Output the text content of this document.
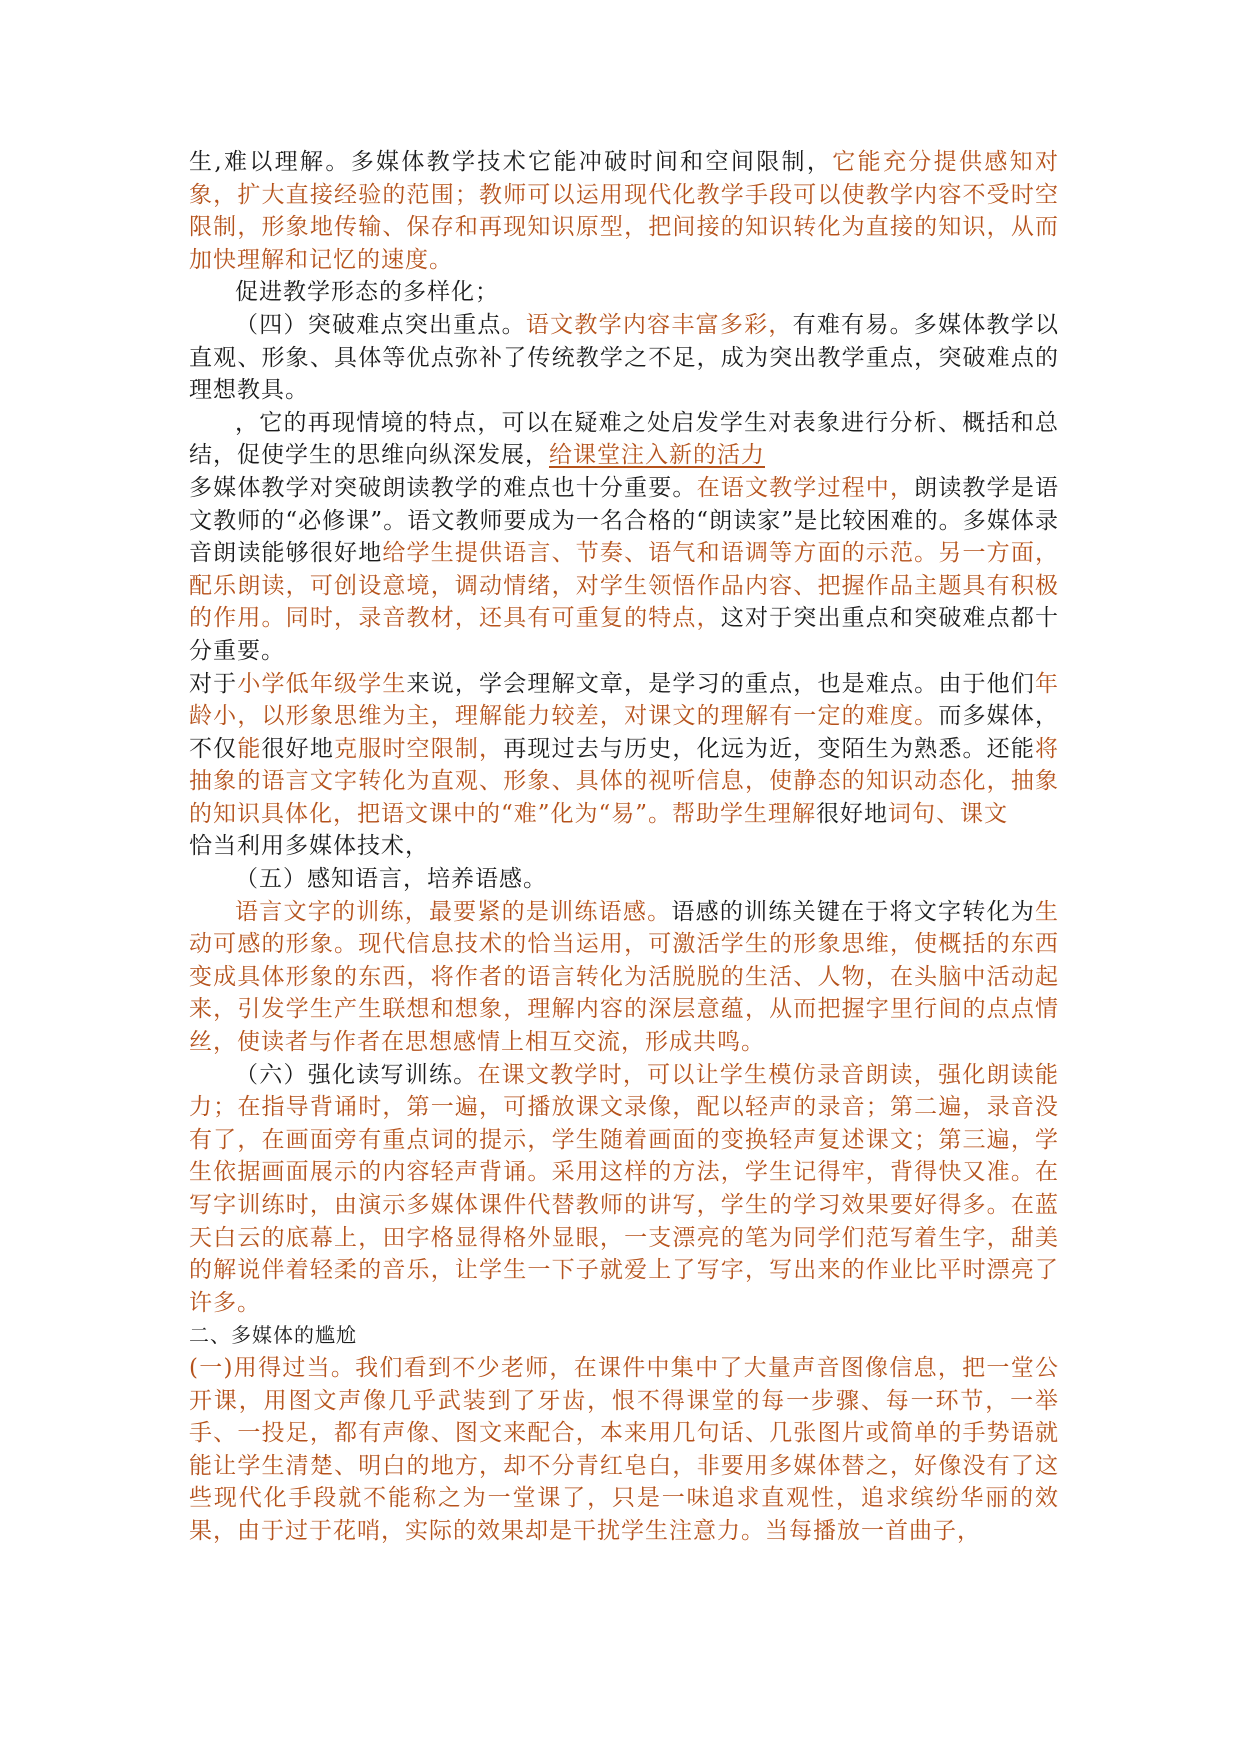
生,难以理解。多媒体教学技术它能冲破时间和空间限制，它能充分提供感知对象，扩大直接经验的范围；教师可以运用现代化教学手段可以使教学内容不受时空限制，形象地传输、保存和再现知识原型，把间接的知识转化为直接的知识，从而加快理解和记忆的速度。

促进教学形态的多样化；

（四）突破难点突出重点。语文教学内容丰富多彩，有难有易。多媒体教学以直观、形象、具体等优点弥补了传统教学之不足，成为突出教学重点，突破难点的理想教具。

，它的再现情境的特点，可以在疑难之处启发学生对表象进行分析、概括和总结，促使学生的思维向纵深发展，给课堂注入新的活力

多媒体教学对突破朗读教学的难点也十分重要。在语文教学过程中，朗读教学是语文教师的“必修课”。语文教师要成为一名合格的“朗读家”是比较困难的。多媒体录音朗读能够很好地给学生提供语言、节奏、语气和语调等方面的示范。另一方面，配乐朗读，可创设意境，调动情绪，对学生领悟作品内容、把握作品主题具有积极的作用。同时，录音教材，还具有可重复的特点，这对于突出重点和突破难点都十分重要。

对于小学低年级学生来说，学会理解文章，是学习的重点，也是难点。由于他们年龄小，以形象思维为主，理解能力较差，对课文的理解有一定的难度。而多媒体，不仅能很好地克服时空限制，再现过去与历史，化远为近，变陌生为熟悉。还能将抽象的语言文字转化为直观、形象、具体的视听信息，使静态的知识动态化，抽象的知识具体化，把语文课中的“难”化为“易”。帮助学生理解很好地词句、课文

恰当利用多媒体技术，

（五）感知语言，培养语感。

语言文字的训练，最要紧的是训练语感。语感的训练关键在于将文字转化为生动可感的形象。现代信息技术的恰当运用，可激活学生的形象思维，使概括的东西变成具体形象的东西，将作者的语言转化为活脱脱的生活、人物，在头脑中活动起来，引发学生产生联想和想象，理解内容的深层意蕴，从而把握字里行间的点点情丝，使读者与作者在思想感情上相互交流，形成共鸣。

（六）强化读写训练。在课文教学时，可以让学生模仿录音朗读，强化朗读能力；在指导背诵时，第一遍，可播放课文录像，配以轻声的录音；第二遍，录音没有了，在画面旁有重点词的提示，学生随着画面的变换轻声复述课文；第三遍，学生依据画面展示的内容轻声背诵。采用这样的方法，学生记得牢，背得快又准。在写字训练时，由演示多媒体课件代替教师的讲写，学生的学习效果要好得多。在蓝天白云的底幕上，田字格显得格外显眼，一支漂亮的笔为同学们范写着生字，甜美的解说伴着轻柔的音乐，让学生一下子就爱上了写字，写出来的作业比平时漂亮了许多。

二、多媒体的尴尬

(一)用得过当。我们看到不少老师，在课件中集中了大量声音图像信息，把一堂公开课，用图文声像几乎武装到了牙齿，恨不得课堂的每一步骤、每一环节，一举手、一投足，都有声像、图文来配合，本来用几句话、几张图片或简单的手势语就能让学生清楚、明白的地方，却不分青红皂白，非要用多媒体替之，好像没有了这些现代化手段就不能称之为一堂课了，只是一味追求直观性，追求缤纷华丽的效果，由于过于花哨，实际的效果却是干扰学生注意力。当每播放一首曲子，
